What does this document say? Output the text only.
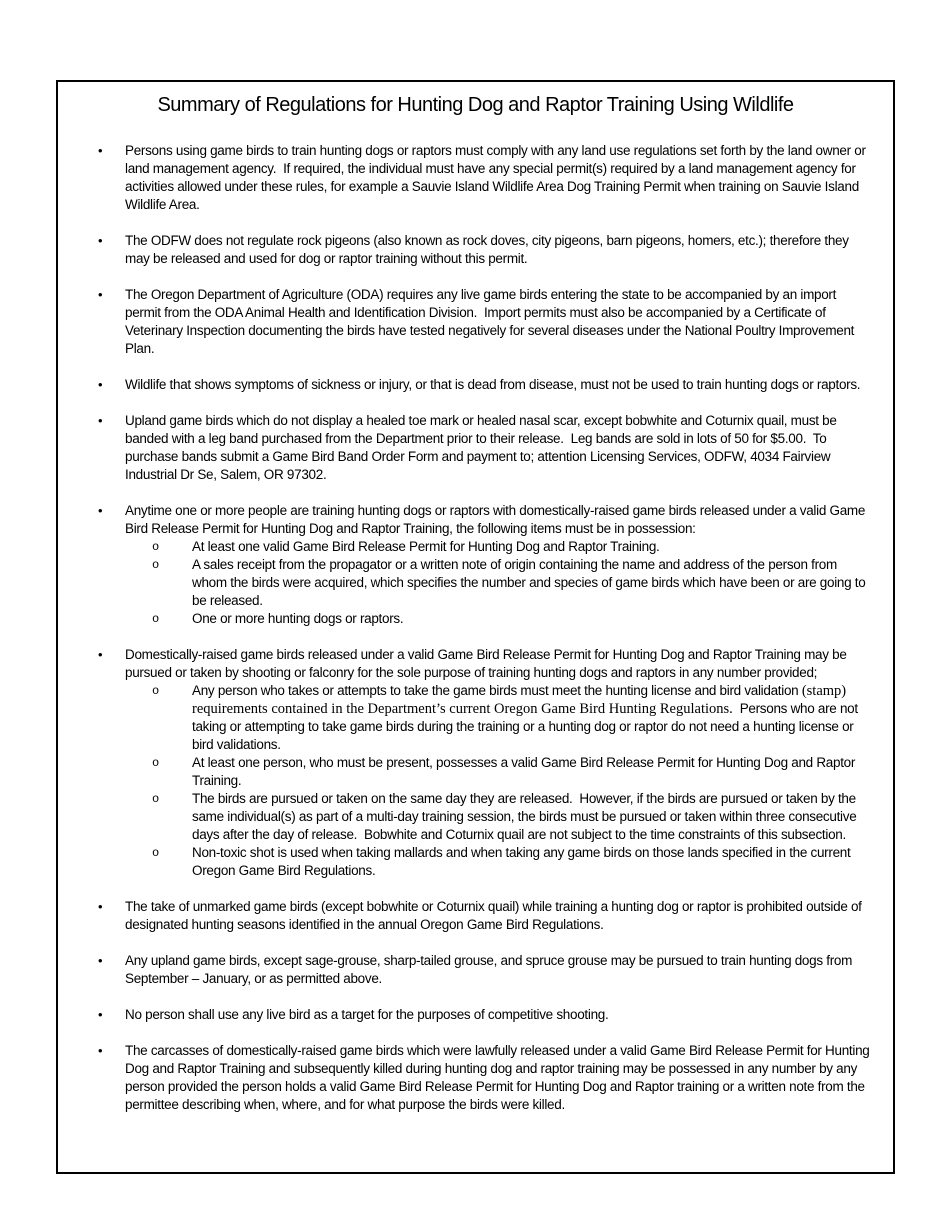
Summary of Regulations for Hunting Dog and Raptor Training Using Wildlife
•	Persons using game birds to train hunting dogs or raptors must comply with any land use regulations set forth by the land owner or land management agency.  If required, the individual must have any special permit(s) required by a land management agency for activities allowed under these rules, for example a Sauvie Island Wildlife Area Dog Training Permit when training on Sauvie Island Wildlife Area.
•	The ODFW does not regulate rock pigeons (also known as rock doves, city pigeons, barn pigeons, homers, etc.); therefore they may be released and used for dog or raptor training without this permit.
•	The Oregon Department of Agriculture (ODA) requires any live game birds entering the state to be accompanied by an import permit from the ODA Animal Health and Identification Division.  Import permits must also be accompanied by a Certificate of Veterinary Inspection documenting the birds have tested negatively for several diseases under the National Poultry Improvement Plan.
•	Wildlife that shows symptoms of sickness or injury, or that is dead from disease, must not be used to train hunting dogs or raptors.
•	Upland game birds which do not display a healed toe mark or healed nasal scar, except bobwhite and Coturnix quail, must be banded with a leg band purchased from the Department prior to their release.  Leg bands are sold in lots of 50 for $5.00.  To purchase bands submit a Game Bird Band Order Form and payment to; attention Licensing Services, ODFW, 4034 Fairview Industrial Dr Se, Salem, OR 97302.
•	Anytime one or more people are training hunting dogs or raptors with domestically-raised game birds released under a valid Game Bird Release Permit for Hunting Dog and Raptor Training, the following items must be in possession:
o	At least one valid Game Bird Release Permit for Hunting Dog and Raptor Training.
o	A sales receipt from the propagator or a written note of origin containing the name and address of the person from whom the birds were acquired, which specifies the number and species of game birds which have been or are going to be released.
o	One or more hunting dogs or raptors.
•	Domestically-raised game birds released under a valid Game Bird Release Permit for Hunting Dog and Raptor Training may be pursued or taken by shooting or falconry for the sole purpose of training hunting dogs and raptors in any number provided;
o	Any person who takes or attempts to take the game birds must meet the hunting license and bird validation (stamp) requirements contained in the Department’s current Oregon Game Bird Hunting Regulations.  Persons who are not taking or attempting to take game birds during the training or a hunting dog or raptor do not need a hunting license or bird validations.
o	At least one person, who must be present, possesses a valid Game Bird Release Permit for Hunting Dog and Raptor Training.
o	The birds are pursued or taken on the same day they are released.  However, if the birds are pursued or taken by the same individual(s) as part of a multi-day training session, the birds must be pursued or taken within three consecutive days after the day of release.  Bobwhite and Coturnix quail are not subject to the time constraints of this subsection.
o	Non-toxic shot is used when taking mallards and when taking any game birds on those lands specified in the current Oregon Game Bird Regulations.
•	The take of unmarked game birds (except bobwhite or Coturnix quail) while training a hunting dog or raptor is prohibited outside of designated hunting seasons identified in the annual Oregon Game Bird Regulations.
•	Any upland game birds, except sage-grouse, sharp-tailed grouse, and spruce grouse may be pursued to train hunting dogs from September – January, or as permitted above.
•	No person shall use any live bird as a target for the purposes of competitive shooting.
•	The carcasses of domestically-raised game birds which were lawfully released under a valid Game Bird Release Permit for Hunting Dog and Raptor Training and subsequently killed during hunting dog and raptor training may be possessed in any number by any person provided the person holds a valid Game Bird Release Permit for Hunting Dog and Raptor training or a written note from the permittee describing when, where, and for what purpose the birds were killed.
